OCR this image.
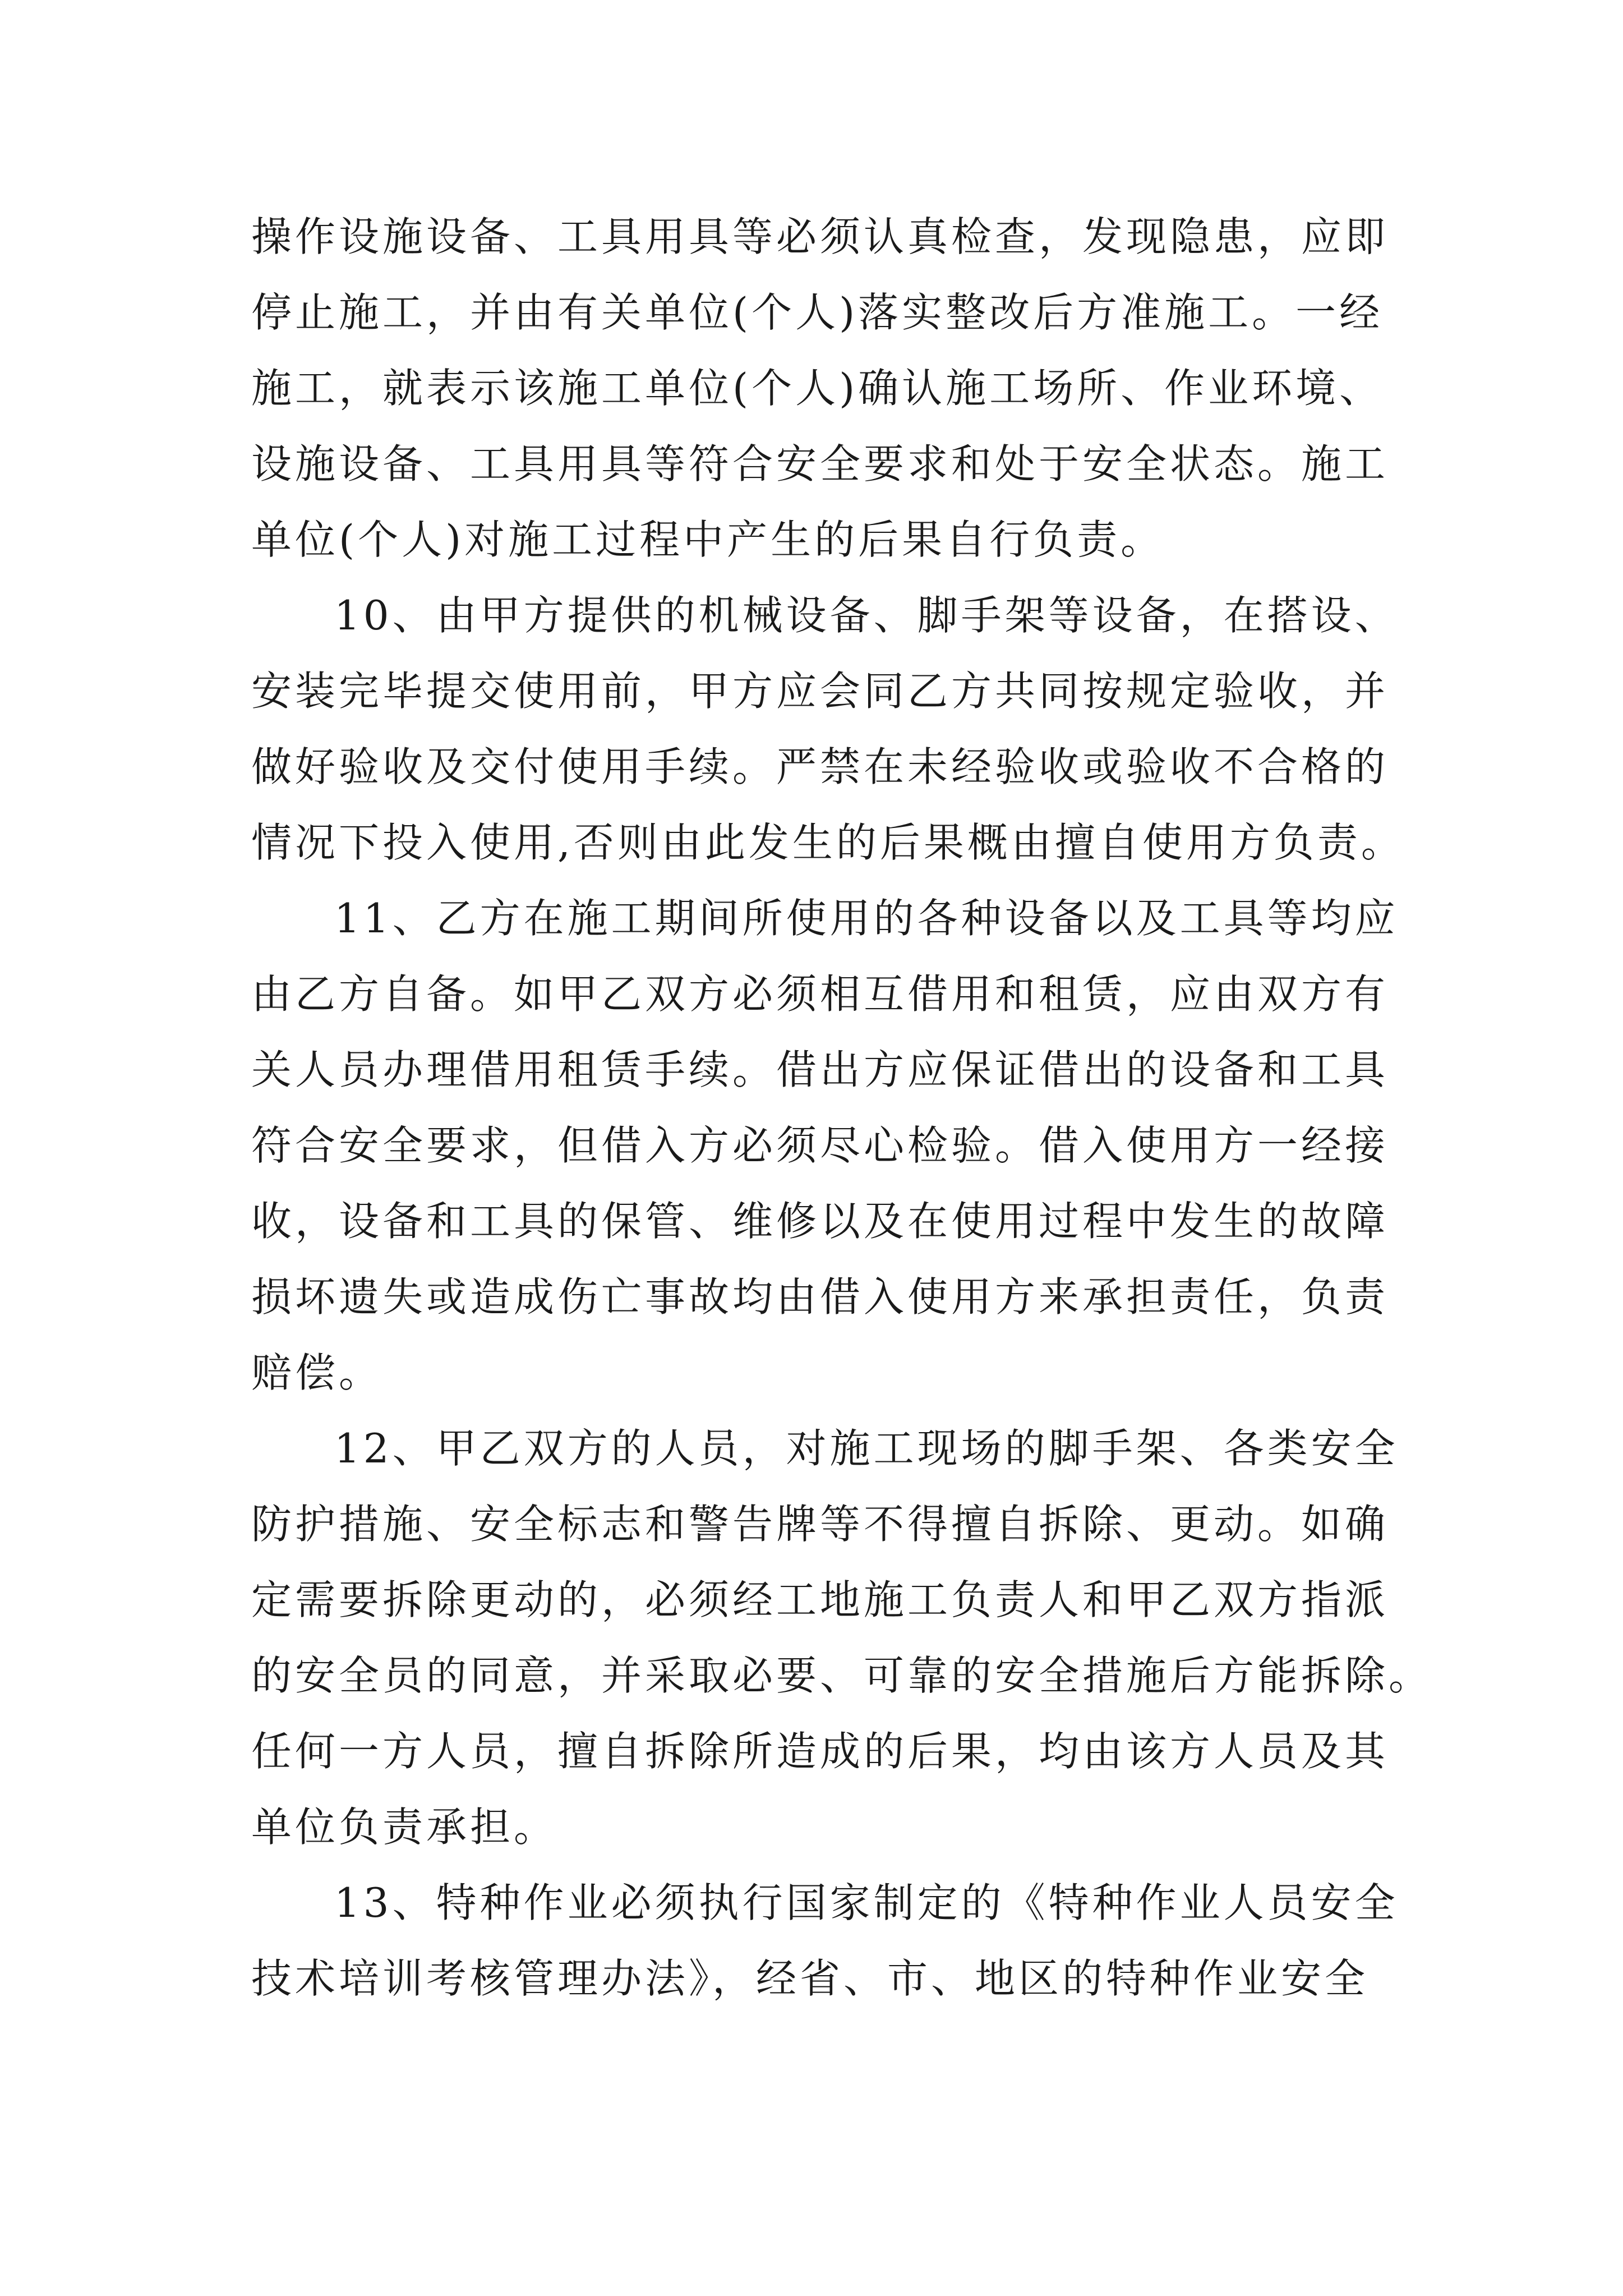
操作设施设备、工具用具等必须认真检查，发现隐患，应即
停止施工，并由有关单位(个人)落实整改后方准施工。一经
施工，就表示该施工单位(个人)确认施工场所、作业环境、
设施设备、工具用具等符合安全要求和处于安全状态。施工
单位(个人)对施工过程中产生的后果自行负责。
10、由甲方提供的机械设备、脚手架等设备，在搭设、
安装完毕提交使用前，甲方应会同乙方共同按规定验收，并
做好验收及交付使用手续。严禁在未经验收或验收不合格的
情况下投入使用,否则由此发生的后果概由擅自使用方负责。
11、乙方在施工期间所使用的各种设备以及工具等均应
由乙方自备。如甲乙双方必须相互借用和租赁，应由双方有
关人员办理借用租赁手续。借出方应保证借出的设备和工具
符合安全要求，但借入方必须尽心检验。借入使用方一经接
收，设备和工具的保管、维修以及在使用过程中发生的故障
损坏遗失或造成伤亡事故均由借入使用方来承担责任，负责
赔偿。
12、甲乙双方的人员，对施工现场的脚手架、各类安全
防护措施、安全标志和警告牌等不得擅自拆除、更动。如确
定需要拆除更动的，必须经工地施工负责人和甲乙双方指派
的安全员的同意，并采取必要、可靠的安全措施后方能拆除。
任何一方人员，擅自拆除所造成的后果，均由该方人员及其
单位负责承担。
13、特种作业必须执行国家制定的《特种作业人员安全
技术培训考核管理办法》，经省、市、地区的特种作业安全
